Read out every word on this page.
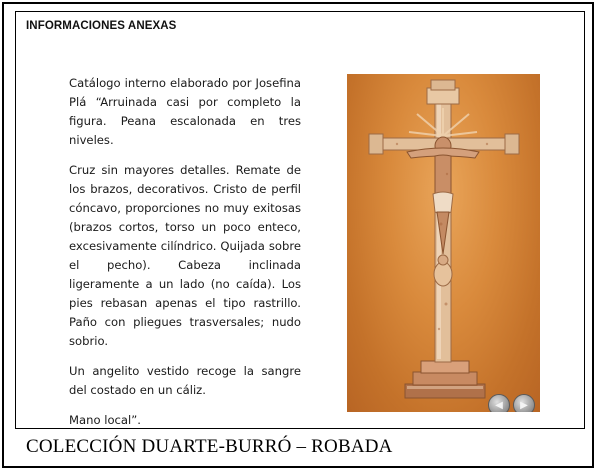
INFORMACIONES ANEXAS

Catálogo interno elaborado por Josefina Plá “Arruinada casi por completo la figura. Peana escalonada en tres niveles.

Cruz sin mayores detalles. Remate de los brazos, decorativos. Cristo de perfil cóncavo, proporciones no muy exitosas (brazos cortos, torso un poco enteco, excesivamente cilíndrico. Quijada sobre el pecho). Cabeza inclinada ligeramente a un lado (no caída). Los pies rebasan apenas el tipo rastrillo. Paño con pliegues trasversales; nudo sobrio.

Un angelito vestido recoge la sangre del costado en un cáliz.

Mano local”.

◀ ▶
COLECCIÓN DUARTE-BURRÓ – ROBADA
